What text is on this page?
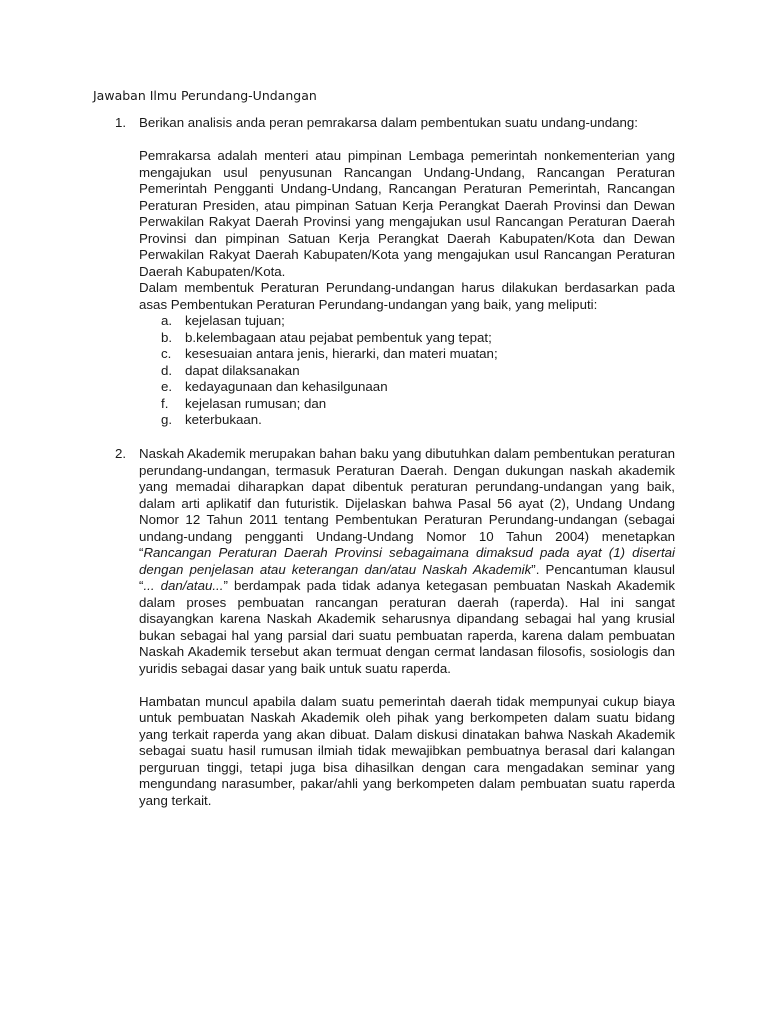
Jawaban Ilmu Perundang-Undangan
1. Berikan analisis anda peran pemrakarsa dalam pembentukan suatu undang-undang:

Pemrakarsa adalah menteri atau pimpinan Lembaga pemerintah nonkementerian yang mengajukan usul penyusunan Rancangan Undang-Undang, Rancangan Peraturan Pemerintah Pengganti Undang-Undang, Rancangan Peraturan Pemerintah, Rancangan Peraturan Presiden, atau pimpinan Satuan Kerja Perangkat Daerah Provinsi dan Dewan Perwakilan Rakyat Daerah Provinsi yang mengajukan usul Rancangan Peraturan Daerah Provinsi dan pimpinan Satuan Kerja Perangkat Daerah Kabupaten/Kota dan Dewan Perwakilan Rakyat Daerah Kabupaten/Kota yang mengajukan usul Rancangan Peraturan Daerah Kabupaten/Kota.

Dalam membentuk Peraturan Perundang-undangan harus dilakukan berdasarkan pada asas Pembentukan Peraturan Perundang-undangan yang baik, yang meliputi:

a. kejelasan tujuan;
b. b.kelembagaan atau pejabat pembentuk yang tepat;
c. kesesuaian antara jenis, hierarki, dan materi muatan;
d. dapat dilaksanakan
e. kedayagunaan dan kehasilgunaan
f. kejelasan rumusan; dan
g. keterbukaan.
2. Naskah Akademik merupakan bahan baku yang dibutuhkan dalam pembentukan peraturan perundang-undangan, termasuk Peraturan Daerah. Dengan dukungan naskah akademik yang memadai diharapkan dapat dibentuk peraturan perundang-undangan yang baik, dalam arti aplikatif dan futuristik. Dijelaskan bahwa Pasal 56 ayat (2), Undang Undang Nomor 12 Tahun 2011 tentang Pembentukan Peraturan Perundang-undangan (sebagai undang-undang pengganti Undang-Undang Nomor 10 Tahun 2004) menetapkan “Rancangan Peraturan Daerah Provinsi sebagaimana dimaksud pada ayat (1) disertai dengan penjelasan atau keterangan dan/atau Naskah Akademik”. Pencantuman klausul “... dan/atau...” berdampak pada tidak adanya ketegasan pembuatan Naskah Akademik dalam proses pembuatan rancangan peraturan daerah (raperda). Hal ini sangat disayangkan karena Naskah Akademik seharusnya dipandang sebagai hal yang krusial bukan sebagai hal yang parsial dari suatu pembuatan raperda, karena dalam pembuatan Naskah Akademik tersebut akan termuat dengan cermat landasan filosofis, sosiologis dan yuridis sebagai dasar yang baik untuk suatu raperda.

Hambatan muncul apabila dalam suatu pemerintah daerah tidak mempunyai cukup biaya untuk pembuatan Naskah Akademik oleh pihak yang berkompeten dalam suatu bidang yang terkait raperda yang akan dibuat. Dalam diskusi dinatakan bahwa Naskah Akademik sebagai suatu hasil rumusan ilmiah tidak mewajibkan pembuatnya berasal dari kalangan perguruan tinggi, tetapi juga bisa dihasilkan dengan cara mengadakan seminar yang mengundang narasumber, pakar/ahli yang berkompeten dalam pembuatan suatu raperda yang terkait.
